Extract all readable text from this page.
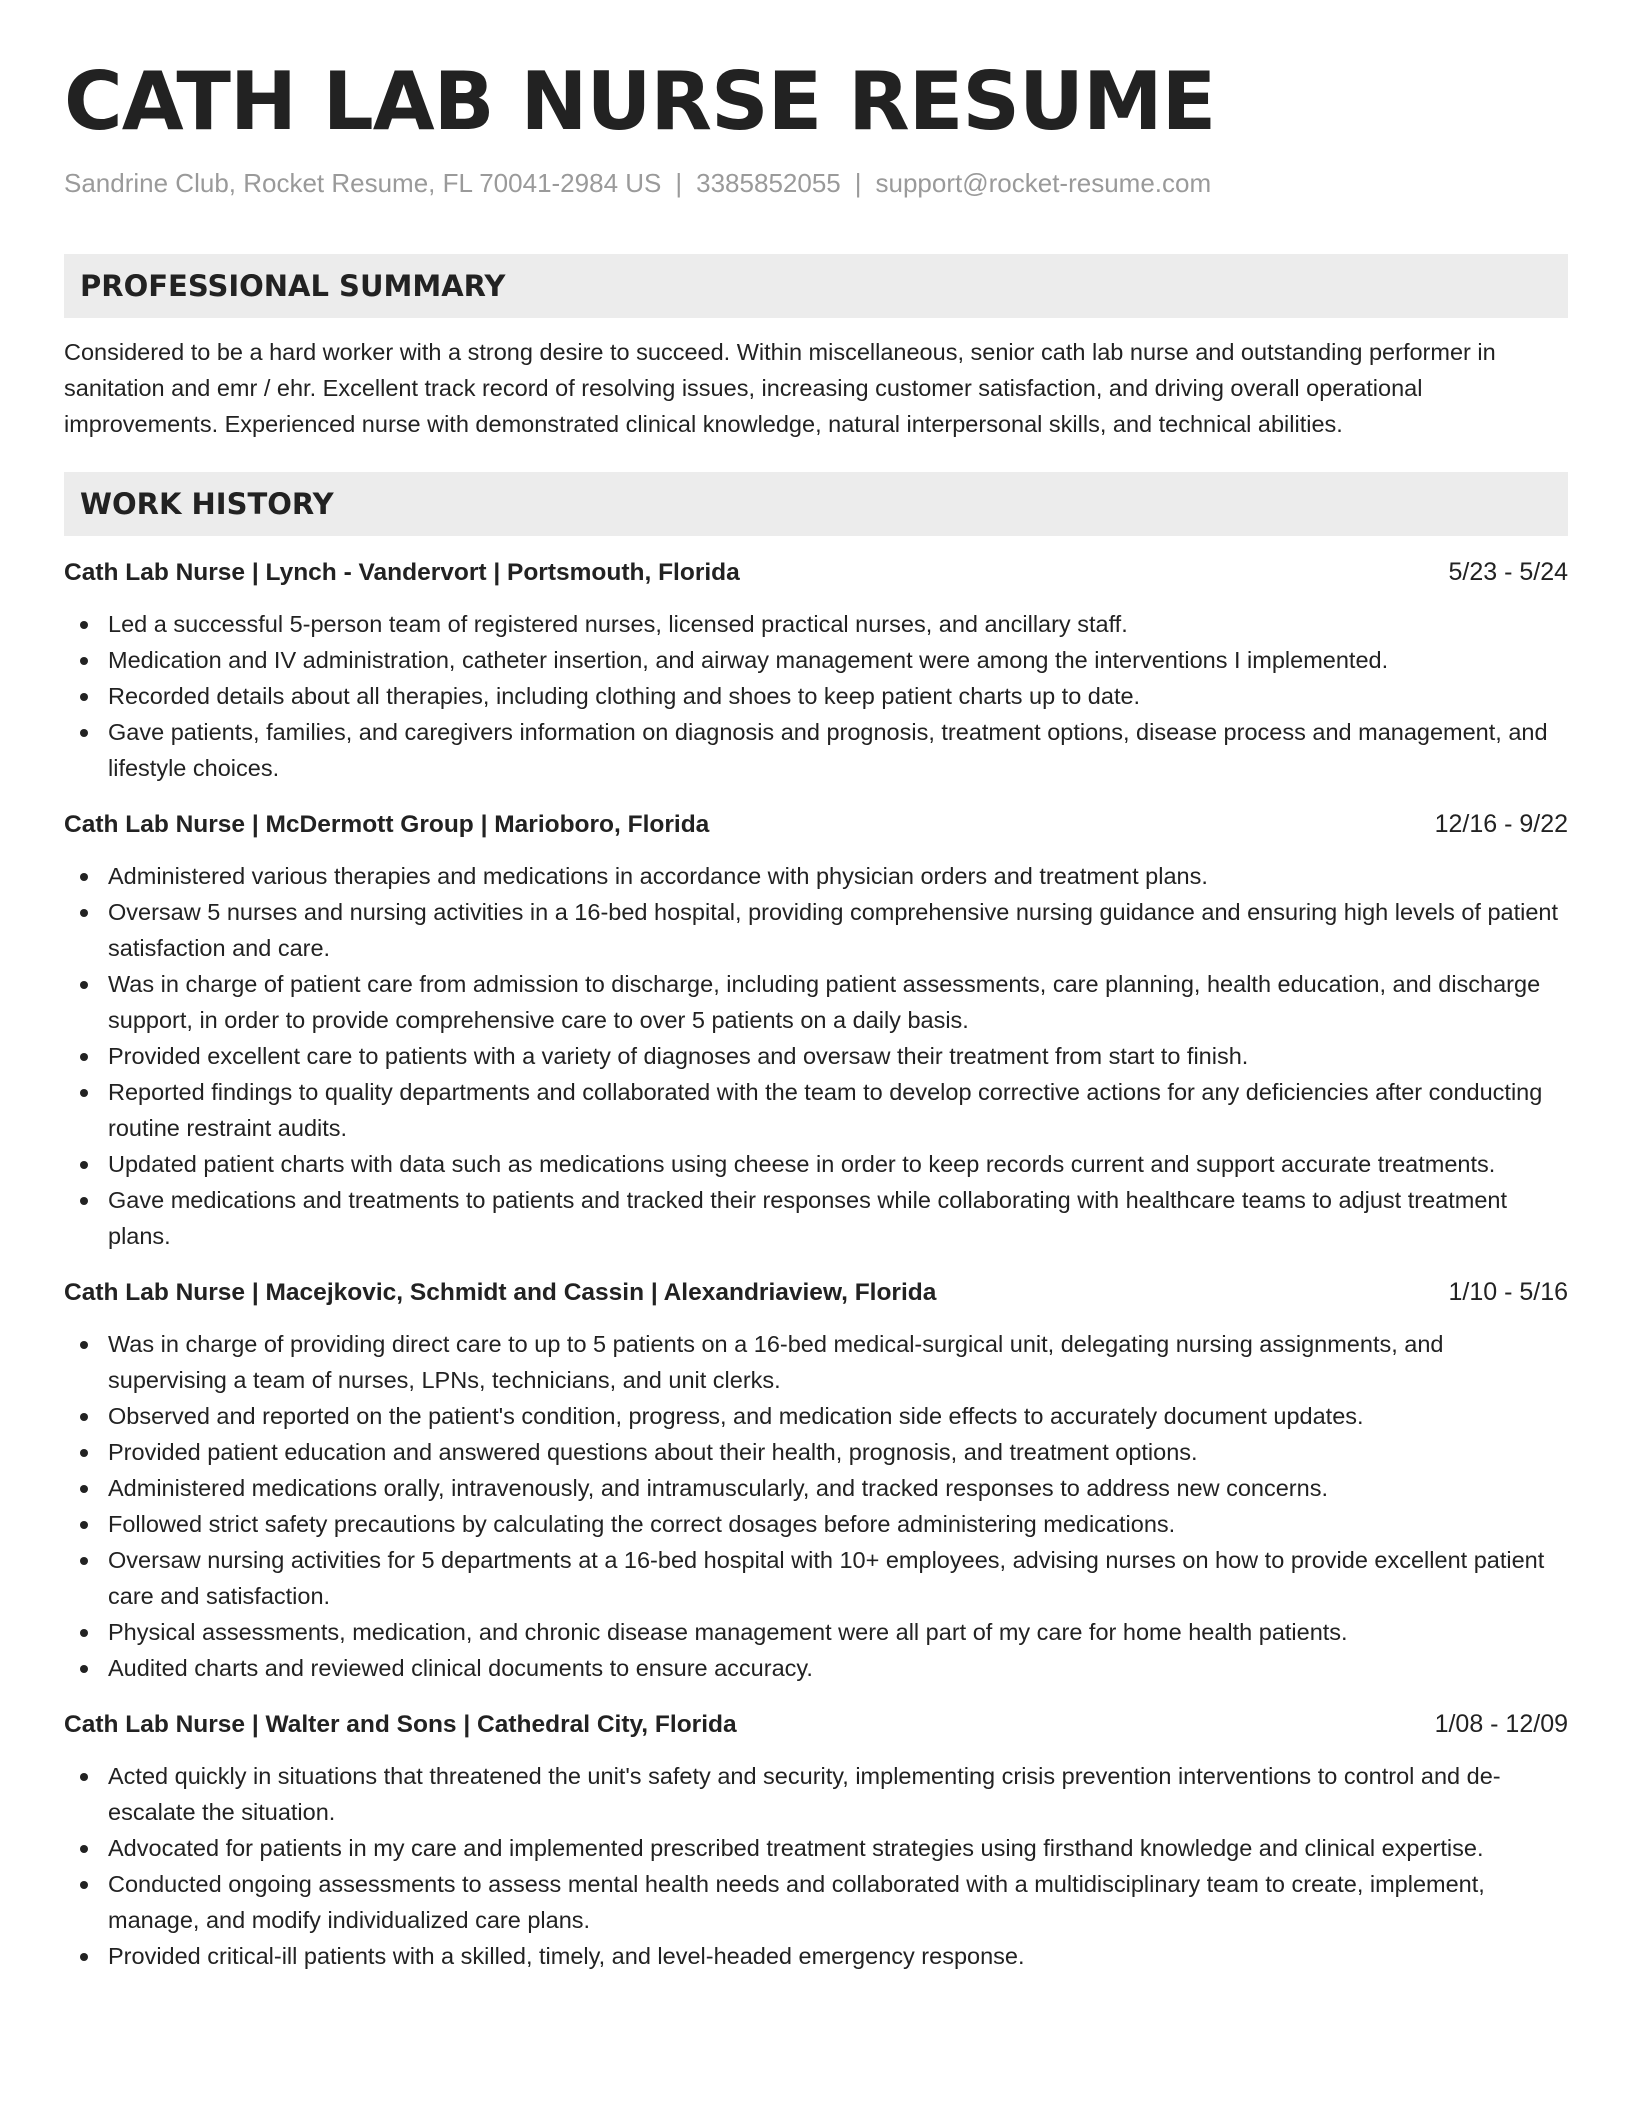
CATH LAB NURSE RESUME
Sandrine Club, Rocket Resume, FL 70041-2984 US | 3385852055 | support@rocket-resume.com
PROFESSIONAL SUMMARY
Considered to be a hard worker with a strong desire to succeed. Within miscellaneous, senior cath lab nurse and outstanding performer in sanitation and emr / ehr. Excellent track record of resolving issues, increasing customer satisfaction, and driving overall operational improvements. Experienced nurse with demonstrated clinical knowledge, natural interpersonal skills, and technical abilities.
WORK HISTORY
Cath Lab Nurse | Lynch - Vandervort | Portsmouth, Florida	5/23 - 5/24
Led a successful 5-person team of registered nurses, licensed practical nurses, and ancillary staff.
Medication and IV administration, catheter insertion, and airway management were among the interventions I implemented.
Recorded details about all therapies, including clothing and shoes to keep patient charts up to date.
Gave patients, families, and caregivers information on diagnosis and prognosis, treatment options, disease process and management, and lifestyle choices.
Cath Lab Nurse | McDermott Group | Marioboro, Florida	12/16 - 9/22
Administered various therapies and medications in accordance with physician orders and treatment plans.
Oversaw 5 nurses and nursing activities in a 16-bed hospital, providing comprehensive nursing guidance and ensuring high levels of patient satisfaction and care.
Was in charge of patient care from admission to discharge, including patient assessments, care planning, health education, and discharge support, in order to provide comprehensive care to over 5 patients on a daily basis.
Provided excellent care to patients with a variety of diagnoses and oversaw their treatment from start to finish.
Reported findings to quality departments and collaborated with the team to develop corrective actions for any deficiencies after conducting routine restraint audits.
Updated patient charts with data such as medications using cheese in order to keep records current and support accurate treatments.
Gave medications and treatments to patients and tracked their responses while collaborating with healthcare teams to adjust treatment plans.
Cath Lab Nurse | Macejkovic, Schmidt and Cassin | Alexandriaview, Florida	1/10 - 5/16
Was in charge of providing direct care to up to 5 patients on a 16-bed medical-surgical unit, delegating nursing assignments, and supervising a team of nurses, LPNs, technicians, and unit clerks.
Observed and reported on the patient's condition, progress, and medication side effects to accurately document updates.
Provided patient education and answered questions about their health, prognosis, and treatment options.
Administered medications orally, intravenously, and intramuscularly, and tracked responses to address new concerns.
Followed strict safety precautions by calculating the correct dosages before administering medications.
Oversaw nursing activities for 5 departments at a 16-bed hospital with 10+ employees, advising nurses on how to provide excellent patient care and satisfaction.
Physical assessments, medication, and chronic disease management were all part of my care for home health patients.
Audited charts and reviewed clinical documents to ensure accuracy.
Cath Lab Nurse | Walter and Sons | Cathedral City, Florida	1/08 - 12/09
Acted quickly in situations that threatened the unit's safety and security, implementing crisis prevention interventions to control and de-escalate the situation.
Advocated for patients in my care and implemented prescribed treatment strategies using firsthand knowledge and clinical expertise.
Conducted ongoing assessments to assess mental health needs and collaborated with a multidisciplinary team to create, implement, manage, and modify individualized care plans.
Provided critical-ill patients with a skilled, timely, and level-headed emergency response.
